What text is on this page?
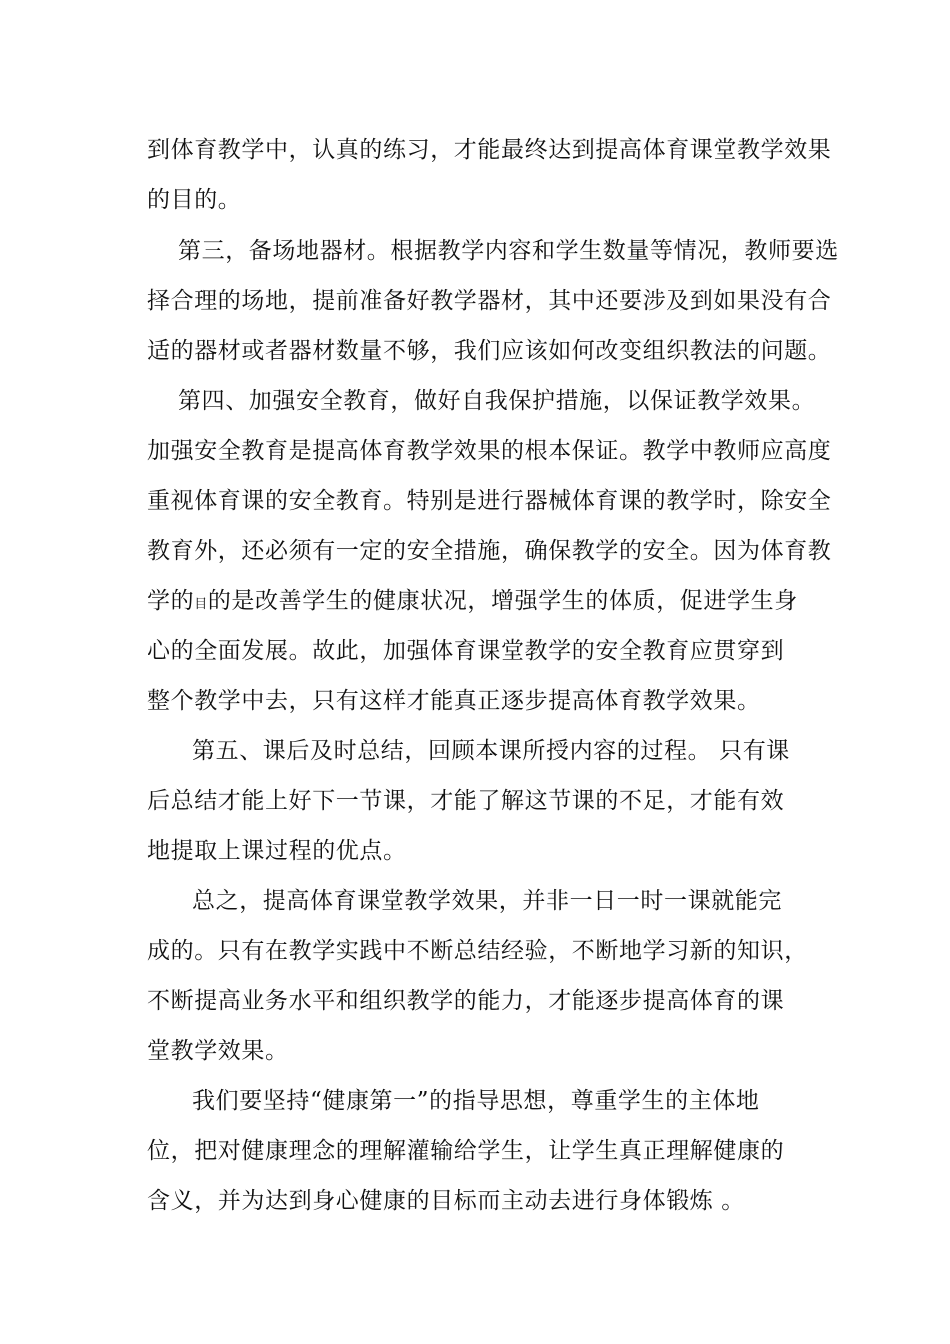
到体育教学中，认真的练习，才能最终达到提高体育课堂教学效果
的目的。
第三，备场地器材。根据教学内容和学生数量等情况，教师要选
择合理的场地，提前准备好教学器材，其中还要涉及到如果没有合
适的器材或者器材数量不够，我们应该如何改变组织教法的问题。
第四、加强安全教育，做好自我保护措施，以保证教学效果。
加强安全教育是提高体育教学效果的根本保证。教学中教师应高度
重视体育课的安全教育。特别是进行器械体育课的教学时，除安全
教育外，还必须有一定的安全措施，确保教学的安全。因为体育教
学的目的是改善学生的健康状况，增强学生的体质，促进学生身
心的全面发展。故此，加强体育课堂教学的安全教育应贯穿到
整个教学中去，只有这样才能真正逐步提高体育教学效果。
第五、课后及时总结，回顾本课所授内容的过程。 只有课
后总结才能上好下一节课，才能了解这节课的不足，才能有效
地提取上课过程的优点。
总之，提高体育课堂教学效果，并非一日一时一课就能完
成的。只有在教学实践中不断总结经验，不断地学习新的知识，
不断提高业务水平和组织教学的能力，才能逐步提高体育的课
堂教学效果。
我们要坚持“健康第一”的指导思想，尊重学生的主体地
位，把对健康理念的理解灌输给学生，让学生真正理解健康的
含义，并为达到身心健康的目标而主动去进行身体锻炼 。
